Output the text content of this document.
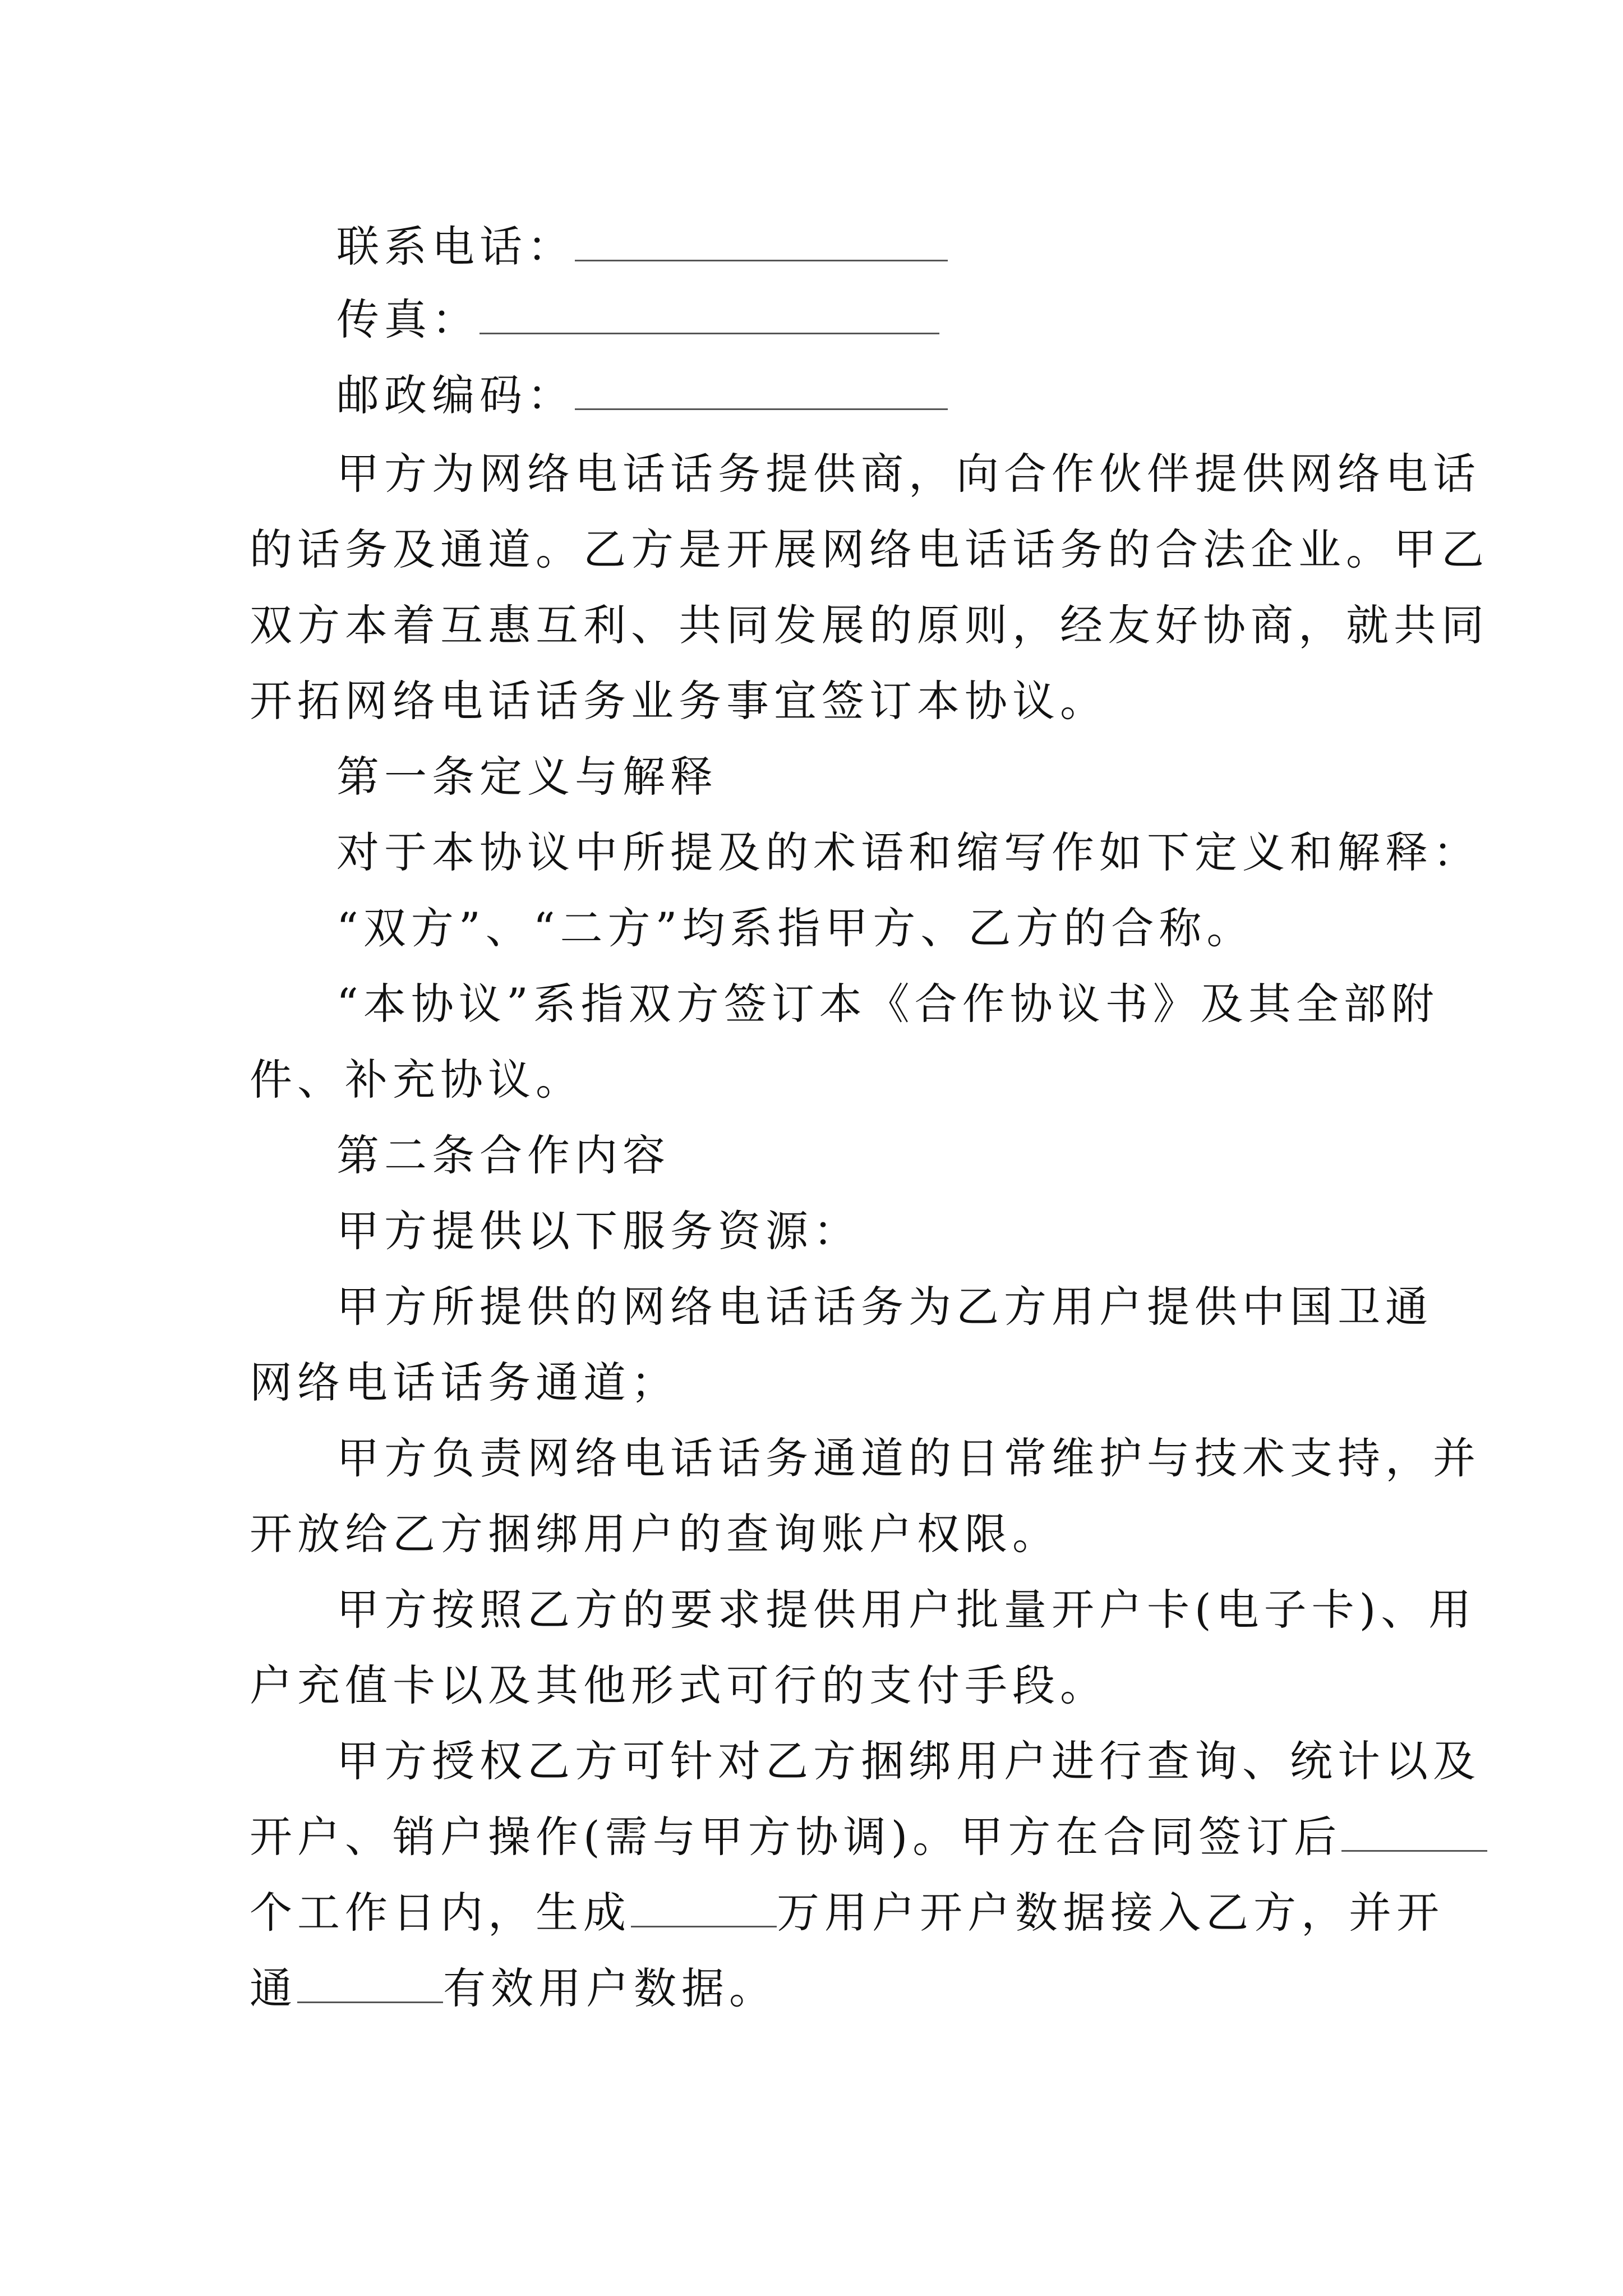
联系电话：
传真：
邮政编码：
甲方为网络电话话务提供商，向合作伙伴提供网络电话
的话务及通道。乙方是开展网络电话话务的合法企业。甲乙
双方本着互惠互利、共同发展的原则，经友好协商，就共同
开拓网络电话话务业务事宜签订本协议。
第一条定义与解释
对于本协议中所提及的术语和缩写作如下定义和解释：
“双方”、“二方”均系指甲方、乙方的合称。
“本协议”系指双方签订本《合作协议书》及其全部附
件、补充协议。
第二条合作内容
甲方提供以下服务资源：
甲方所提供的网络电话话务为乙方用户提供中国卫通
网络电话话务通道；
甲方负责网络电话话务通道的日常维护与技术支持，并
开放给乙方捆绑用户的查询账户权限。
甲方按照乙方的要求提供用户批量开户卡(电子卡)、用
户充值卡以及其他形式可行的支付手段。
甲方授权乙方可针对乙方捆绑用户进行查询、统计以及
开户、销户操作(需与甲方协调)。甲方在合同签订后
个工作日内，生成	万用户开户数据接入乙方，并开
通	有效用户数据。
